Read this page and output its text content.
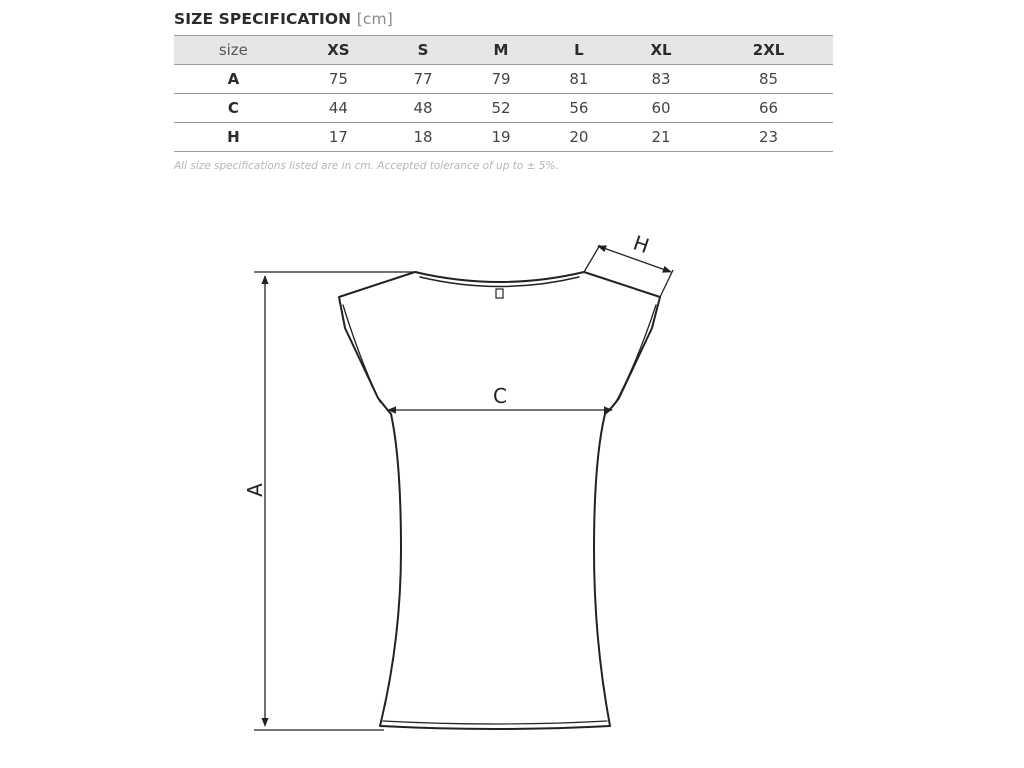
SIZE SPECIFICATION [cm]
size	XS	S	M	L	XL	2XL
A	75	77	79	81	83	85
C	44	48	52	56	60	66
H	17	18	19	20	21	23
All size specifications listed are in cm. Accepted tolerance of up to ± 5%.
A
C
H
